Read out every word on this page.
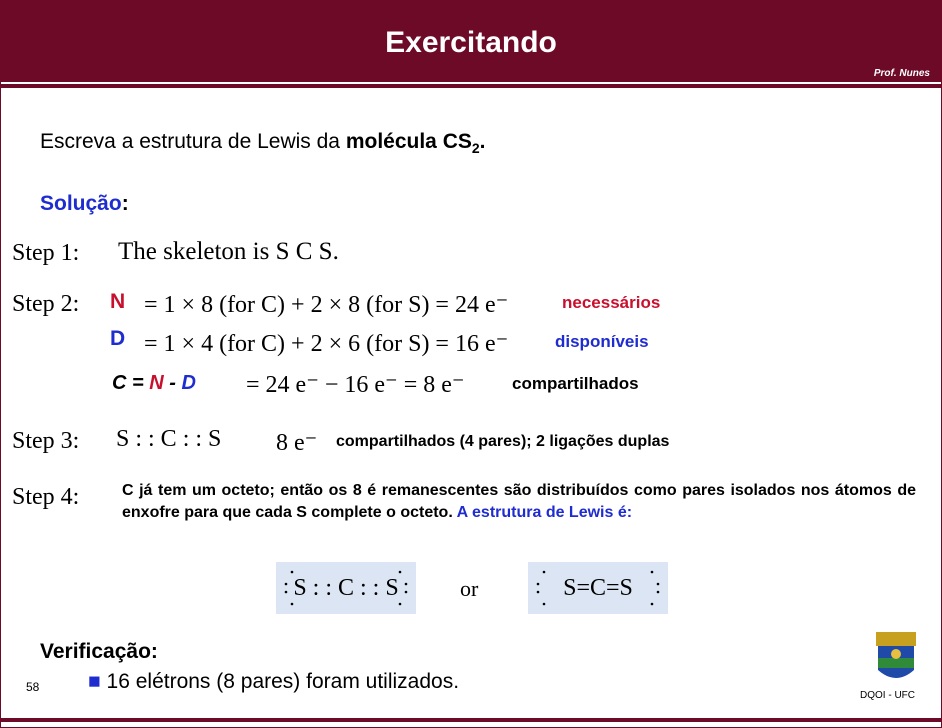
Exercitando
Prof. Nunes
Escreva a estrutura de Lewis da molécula $CS_2$.
Solução:
Step 1: The skeleton is S C S.
Step 2: N = 1 × 8 (for C) + 2 × 8 (for S) = 24 e⁻	necessários
D = 1 × 4 (for C) + 2 × 6 (for S) = 16 e⁻	disponíveis
C = N - D = 24 e⁻ − 16 e⁻ = 8 e⁻	compartilhados
Step 3: S : : C : : S 8 e⁻ compartilhados (4 pares); 2 ligações duplas
Step 4:	C já tem um octeto; então os 8 é remanescentes são distribuídos como pares isolados nos átomos de enxofre para que cada S complete o octeto. A estrutura de Lewis é:
S : : C : : S	or	S=C=S
Verificação:
■ 16 elétrons (8 pares) foram utilizados.
58
DQOI - UFC
